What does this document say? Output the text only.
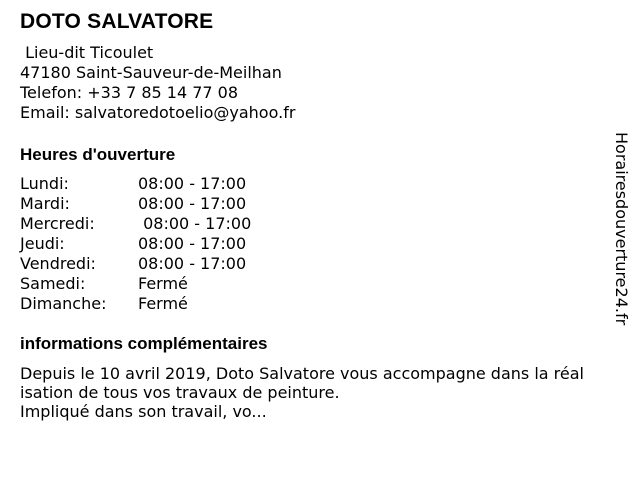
DOTO SALVATORE
Lieu-dit Ticoulet
47180 Saint-Sauveur-de-Meilhan
Telefon: +33 7 85 14 77 08
Email: salvatoredotoelio@yahoo.fr
Heures d'ouverture
Lundi:	08:00 - 17:00
Mardi:	08:00 - 17:00
Mercredi:	08:00 - 17:00
Jeudi:	08:00 - 17:00
Vendredi:	08:00 - 17:00
Samedi:	Fermé
Dimanche: Fermé
informations complémentaires
Depuis le 10 avril 2019, Doto Salvatore vous accompagne dans la réal
isation de tous vos travaux de peinture.
Impliqué dans son travail, vo...
Horairesdouverture24.fr
